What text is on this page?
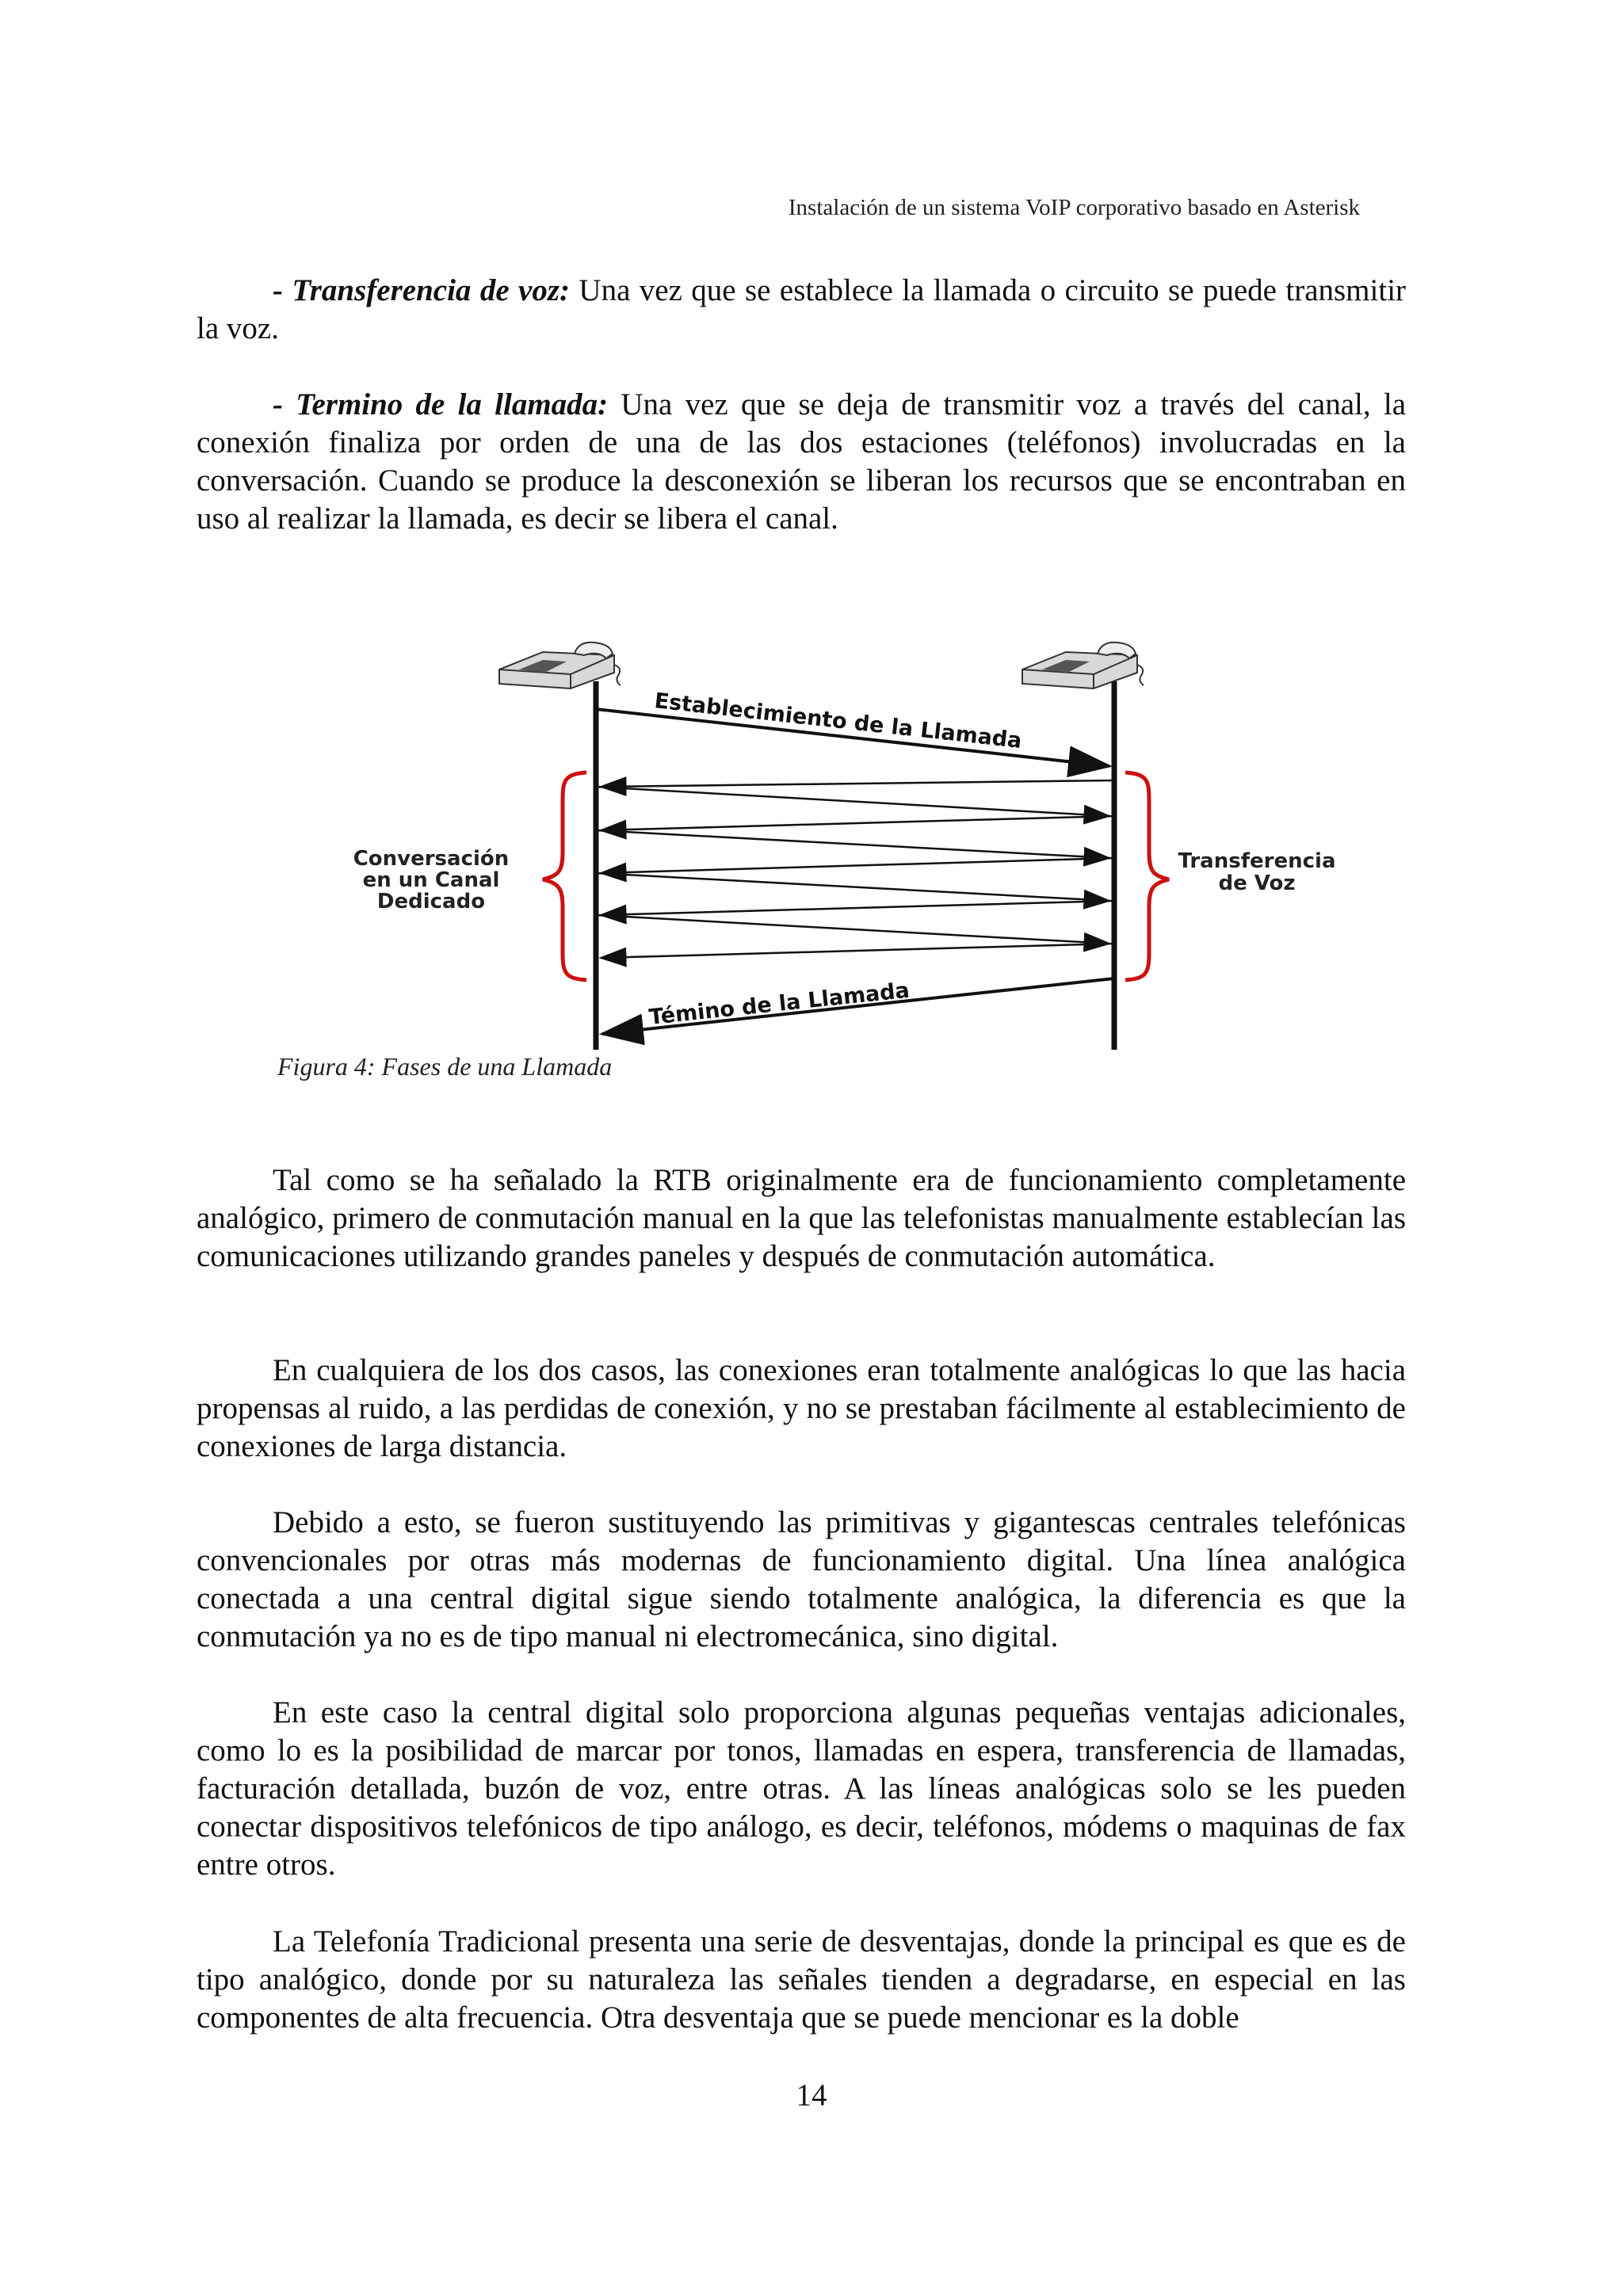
Instalación de un sistema VoIP corporativo basado en Asterisk

- Transferencia de voz: Una vez que se establece la llamada o circuito se puede transmitir la voz.

- Termino de la llamada: Una vez que se deja de transmitir voz a través del canal, la conexión finaliza por orden de una de las dos estaciones (teléfonos) involucradas en la conversación. Cuando se produce la desconexión se liberan los recursos que se encontraban en uso al realizar la llamada, es decir se libera el canal.

Establecimiento de la Llamada
Témino de la Llamada
Conversación
en un Canal
Dedicado
Transferencia
de Voz
Figura 4: Fases de una Llamada

Tal como se ha señalado la RTB originalmente era de funcionamiento completamente analógico, primero de conmutación manual en la que las telefonistas manualmente establecían las comunicaciones utilizando grandes paneles y después de conmutación automática.

En cualquiera de los dos casos, las conexiones eran totalmente analógicas lo que las hacia propensas al ruido, a las perdidas de conexión, y no se prestaban fácilmente al establecimiento de conexiones de larga distancia.

Debido a esto, se fueron sustituyendo las primitivas y gigantescas centrales telefónicas convencionales por otras más modernas de funcionamiento digital. Una línea analógica conectada a una central digital sigue siendo totalmente analógica, la diferencia es que la conmutación ya no es de tipo manual ni electromecánica, sino digital.

En este caso la central digital solo proporciona algunas pequeñas ventajas adicionales, como lo es la posibilidad de marcar por tonos, llamadas en espera, transferencia de llamadas, facturación detallada, buzón de voz, entre otras. A las líneas analógicas solo se les pueden conectar dispositivos telefónicos de tipo análogo, es decir, teléfonos, módems o maquinas de fax entre otros.

La Telefonía Tradicional presenta una serie de desventajas, donde la principal es que es de tipo analógico, donde por su naturaleza las señales tienden a degradarse, en especial en las componentes de alta frecuencia. Otra desventaja que se puede mencionar es la doble

14
